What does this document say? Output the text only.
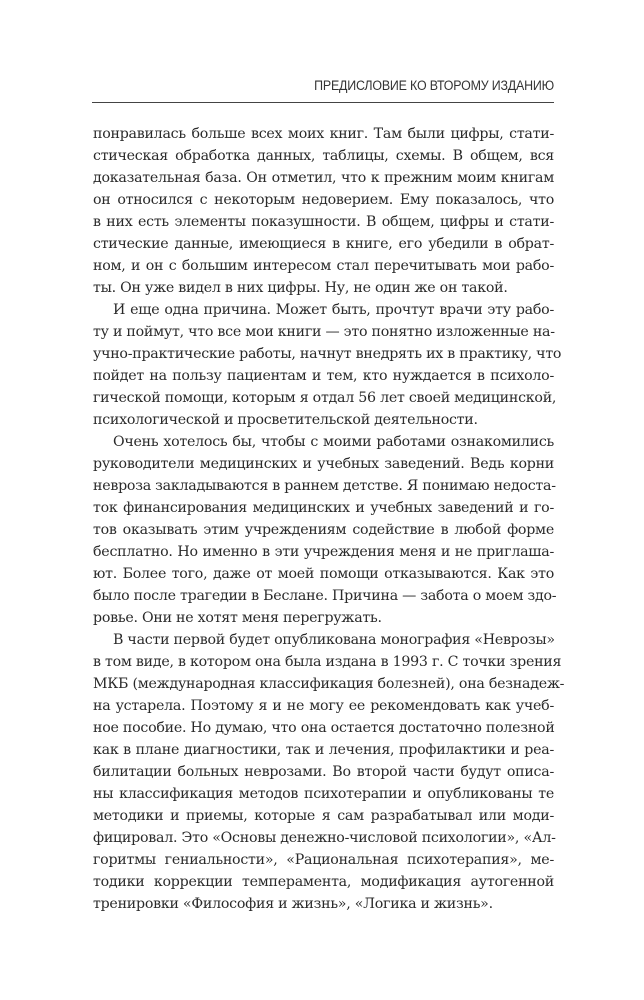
ПРЕДИСЛОВИЕ КО ВТОРОМУ ИЗДАНИЮ
понравилась больше всех моих книг. Там были цифры, стати-
стическая обработка данных, таблицы, схемы. В общем, вся
доказательная база. Он отметил, что к прежним моим книгам
он относился с некоторым недоверием. Ему показалось, что
в них есть элементы показушности. В общем, цифры и стати-
стические данные, имеющиеся в книге, его убедили в обрат-
ном, и он с большим интересом стал перечитывать мои рабо-
ты. Он уже видел в них цифры. Ну, не один же он такой.
И еще одна причина. Может быть, прочтут врачи эту рабо-
ту и поймут, что все мои книги — это понятно изложенные на-
учно-практические работы, начнут внедрять их в практику, что
пойдет на пользу пациентам и тем, кто нуждается в психоло-
гической помощи, которым я отдал 56 лет своей медицинской,
психологической и просветительской деятельности.
Очень хотелось бы, чтобы с моими работами ознакомились
руководители медицинских и учебных заведений. Ведь корни
невроза закладываются в раннем детстве. Я понимаю недоста-
ток финансирования медицинских и учебных заведений и го-
тов оказывать этим учреждениям содействие в любой форме
бесплатно. Но именно в эти учреждения меня и не приглаша-
ют. Более того, даже от моей помощи отказываются. Как это
было после трагедии в Беслане. Причина — забота о моем здо-
ровье. Они не хотят меня перегружать.
В части первой будет опубликована монография «Неврозы»
в том виде, в котором она была издана в 1993 г. С точки зрения
МКБ (международная классификация болезней), она безнадеж-
на устарела. Поэтому я и не могу ее рекомендовать как учеб-
ное пособие. Но думаю, что она остается достаточно полезной
как в плане диагностики, так и лечения, профилактики и реа-
билитации больных неврозами. Во второй части будут описа-
ны классификация методов психотерапии и опубликованы те
методики и приемы, которые я сам разрабатывал или моди-
фицировал. Это «Основы денежно-числовой психологии», «Ал-
горитмы гениальности», «Рациональная психотерапия», ме-
тодики коррекции темперамента, модификация аутогенной
тренировки «Философия и жизнь», «Логика и жизнь».
